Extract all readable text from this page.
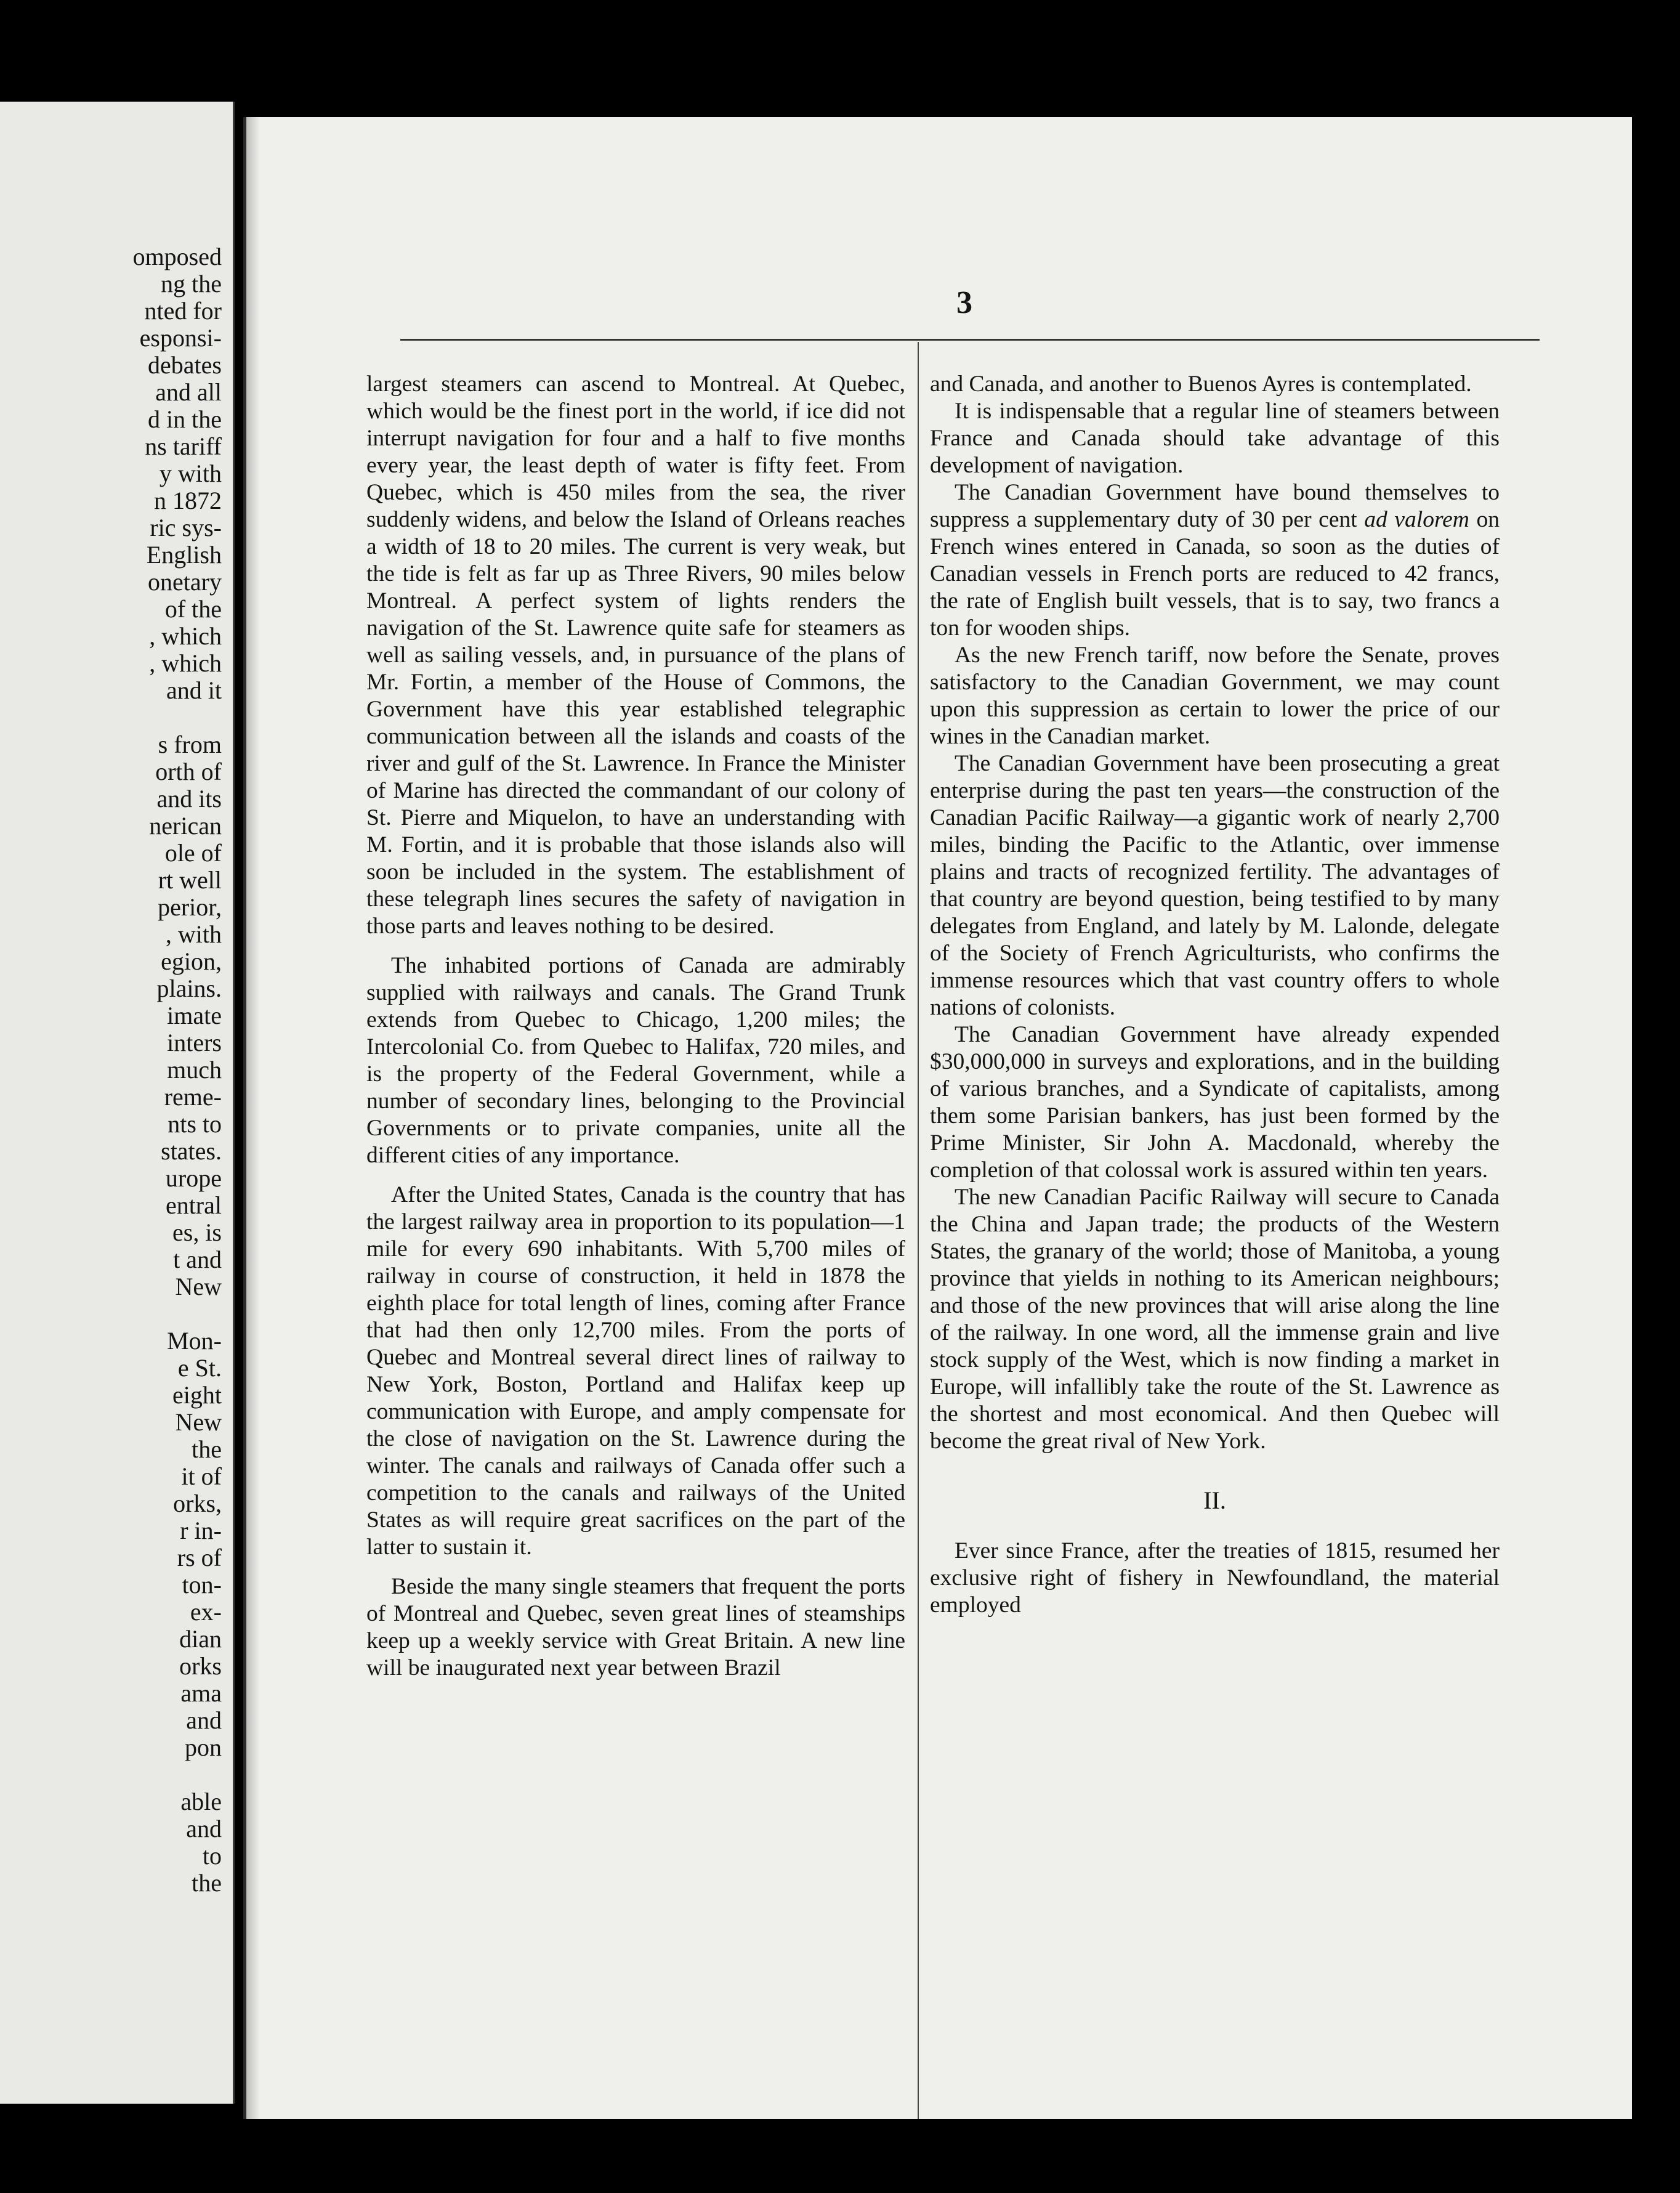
omposed
ng the
nted for
esponsi-
debates
and all
d in the
ns tariff
y with
n 1872
ric sys-
English
onetary
of the
, which
, which
and it
s from
orth of
and its
nerican
ole of
rt well
perior,
, with
egion,
plains.
imate
inters
much
reme-
nts to
states.
urope
entral
es, is
t and
New
Mon-
e St.
eight
New
the
it of
orks,
r in-
rs of
ton-
ex-
dian
orks
ama
and
pon
able
and
to
the
3

largest steamers can ascend to Montreal. At Quebec, which would be the finest port in the world, if ice did not interrupt navigation for four and a half to five months every year, the least depth of water is fifty feet. From Quebec, which is 450 miles from the sea, the river suddenly widens, and below the Island of Orleans reaches a width of 18 to 20 miles. The current is very weak, but the tide is felt as far up as Three Rivers, 90 miles below Montreal. A perfect system of lights renders the navigation of the St. Lawrence quite safe for steamers as well as sailing vessels, and, in pursuance of the plans of Mr. Fortin, a member of the House of Commons, the Government have this year established telegraphic communication between all the islands and coasts of the river and gulf of the St. Lawrence. In France the Minister of Marine has directed the commandant of our colony of St. Pierre and Miquelon, to have an understanding with M. Fortin, and it is probable that those islands also will soon be included in the system. The establishment of these telegraph lines secures the safety of navigation in those parts and leaves nothing to be desired.

The inhabited portions of Canada are admirably supplied with railways and canals. The Grand Trunk extends from Quebec to Chicago, 1,200 miles; the Intercolonial Co. from Quebec to Halifax, 720 miles, and is the property of the Federal Government, while a number of secondary lines, belonging to the Provincial Governments or to private companies, unite all the different cities of any importance.

After the United States, Canada is the country that has the largest railway area in proportion to its population—1 mile for every 690 inhabitants. With 5,700 miles of railway in course of construction, it held in 1878 the eighth place for total length of lines, coming after France that had then only 12,700 miles. From the ports of Quebec and Montreal several direct lines of railway to New York, Boston, Portland and Halifax keep up communication with Europe, and amply compensate for the close of navigation on the St. Lawrence during the winter. The canals and railways of Canada offer such a competition to the canals and railways of the United States as will require great sacrifices on the part of the latter to sustain it.

Beside the many single steamers that frequent the ports of Montreal and Quebec, seven great lines of steamships keep up a weekly service with Great Britain. A new line will be inaugurated next year between Brazil

and Canada, and another to Buenos Ayres is contemplated.

It is indispensable that a regular line of steamers between France and Canada should take advantage of this development of navigation.

The Canadian Government have bound themselves to suppress a supplementary duty of 30 per cent ad valorem on French wines entered in Canada, so soon as the duties of Canadian vessels in French ports are reduced to 42 francs, the rate of English built vessels, that is to say, two francs a ton for wooden ships.

As the new French tariff, now before the Senate, proves satisfactory to the Canadian Government, we may count upon this suppression as certain to lower the price of our wines in the Canadian market.

The Canadian Government have been prosecuting a great enterprise during the past ten years—the construction of the Canadian Pacific Railway—a gigantic work of nearly 2,700 miles, binding the Pacific to the Atlantic, over immense plains and tracts of recognized fertility. The advantages of that country are beyond question, being testified to by many delegates from England, and lately by M. Lalonde, delegate of the Society of French Agriculturists, who confirms the immense resources which that vast country offers to whole nations of colonists.

The Canadian Government have already expended $30,000,000 in surveys and explorations, and in the building of various branches, and a Syndicate of capitalists, among them some Parisian bankers, has just been formed by the Prime Minister, Sir John A. Macdonald, whereby the completion of that colossal work is assured within ten years.

The new Canadian Pacific Railway will secure to Canada the China and Japan trade; the products of the Western States, the granary of the world; those of Manitoba, a young province that yields in nothing to its American neighbours; and those of the new provinces that will arise along the line of the railway. In one word, all the immense grain and live stock supply of the West, which is now finding a market in Europe, will infallibly take the route of the St. Lawrence as the shortest and most economical. And then Quebec will become the great rival of New York.

II.

Ever since France, after the treaties of 1815, resumed her exclusive right of fishery in Newfoundland, the material employed
